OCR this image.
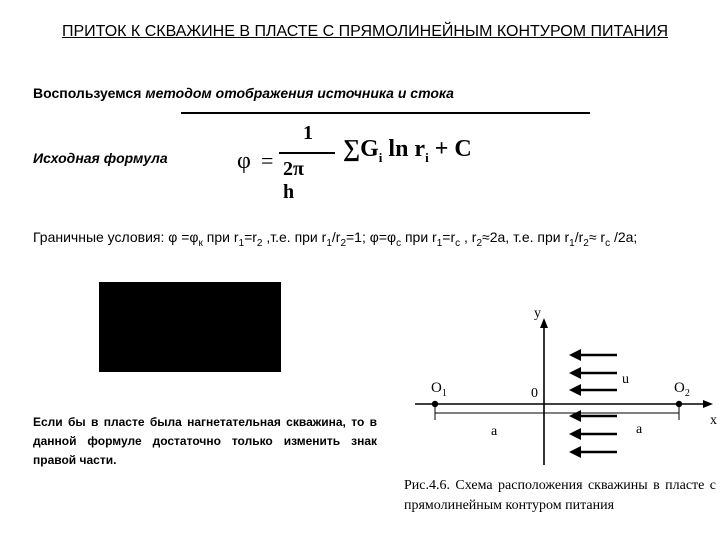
ПРИТОК К СКВАЖИНЕ В ПЛАСТЕ С ПРЯМОЛИНЕЙНЫМ КОНТУРОМ ПИТАНИЯ
Воспользуемся методом отображения источника и стока
Исходная формула	φ =
1
2π h
$\sum G_i$ $\ln r_i + C$
Граничные условия: $\varphi =\varphi_к$ при $r_1=r_2$ ,т.е. при $r_1/r_2=1$; $\varphi=\varphi_с$ при $r_1=r_c$ , $r_2\approx 2a$, т.е. при $r_1/r_2\approx r_c$ /2a;
Если бы в пласте была нагнетательная скважина, то в данной формуле достаточно только изменить знак правой части.
y
x
$O_1$	$O_2$
0
u
a	a
Рис.4.6. Схема расположения скважины в пласте с прямолинейным контуром питания
